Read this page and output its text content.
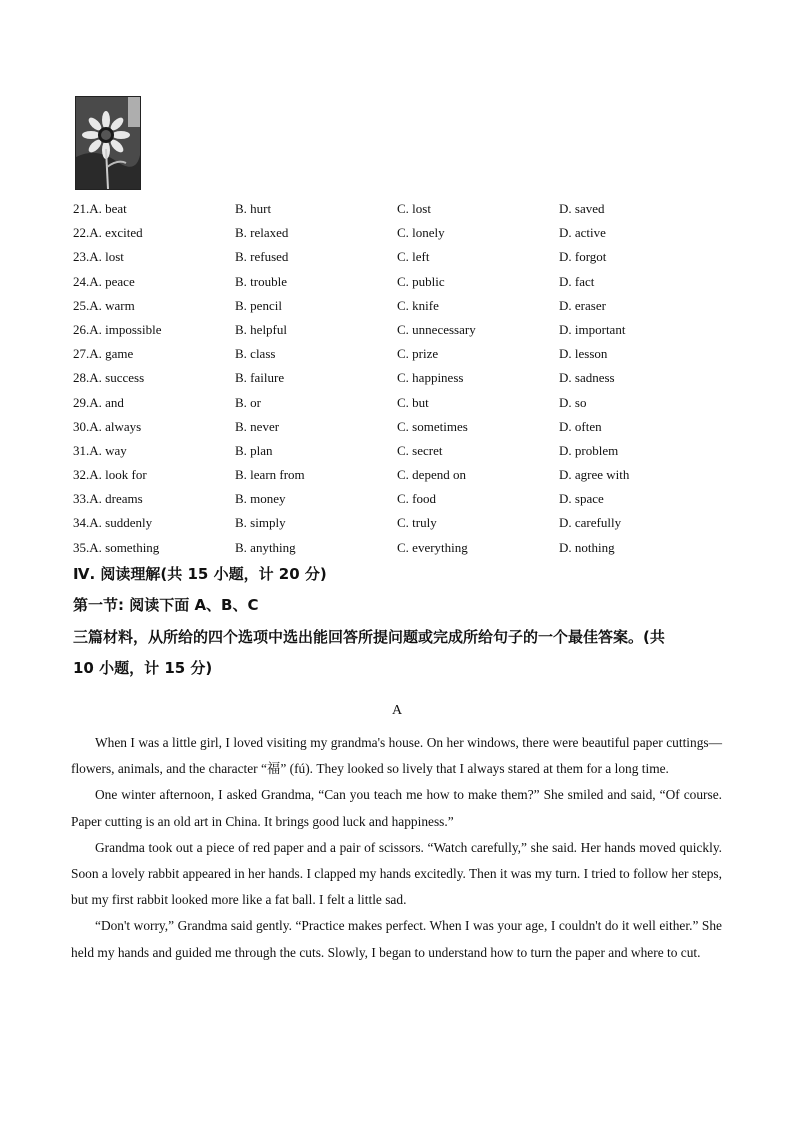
21.A. beat	B. hurt	C. lost	D. saved
22.A. excited	B. relaxed	C. lonely	D. active
23.A. lost	B. refused	C. left	D. forgot
24.A. peace	B. trouble	C. public	D. fact
25.A. warm	B. pencil	C. knife	D. eraser
26.A. impossible	B. helpful	C. unnecessary	D. important
27.A. game	B. class	C. prize	D. lesson
28.A. success	B. failure	C. happiness	D. sadness
29.A. and	B. or	C. but	D. so
30.A. always	B. never	C. sometimes	D. often
31.A. way	B. plan	C. secret	D. problem
32.A. look for	B. learn from	C. depend on	D. agree with
33.A. dreams	B. money	C. food	D. space
34.A. suddenly	B. simply	C. truly	D. carefully
35.A. something	B. anything	C. everything	D. nothing
Ⅳ. 阅读理解(共 15 小题，计 20 分)
第一节: 阅读下面 A、B、C
三篇材料，从所给的四个选项中选出能回答所提问题或完成所给句子的一个最佳答案。(共
10 小题，计 15 分)
A

When I was a little girl, I loved visiting my grandma's house. On her windows, there were beautiful paper cuttings—flowers, animals, and the character “福” (fú). They looked so lively that I always stared at them for a long time.

One winter afternoon, I asked Grandma, “Can you teach me how to make them?” She smiled and said, “Of course. Paper cutting is an old art in China. It brings good luck and happiness.”

Grandma took out a piece of red paper and a pair of scissors. “Watch carefully,” she said. Her hands moved quickly. Soon a lovely rabbit appeared in her hands. I clapped my hands excitedly. Then it was my turn. I tried to follow her steps, but my first rabbit looked more like a fat ball. I felt a little sad.

“Don't worry,” Grandma said gently. “Practice makes perfect. When I was your age, I couldn't do it well either.” She held my hands and guided me through the cuts. Slowly, I began to understand how to turn the paper and where to cut.
